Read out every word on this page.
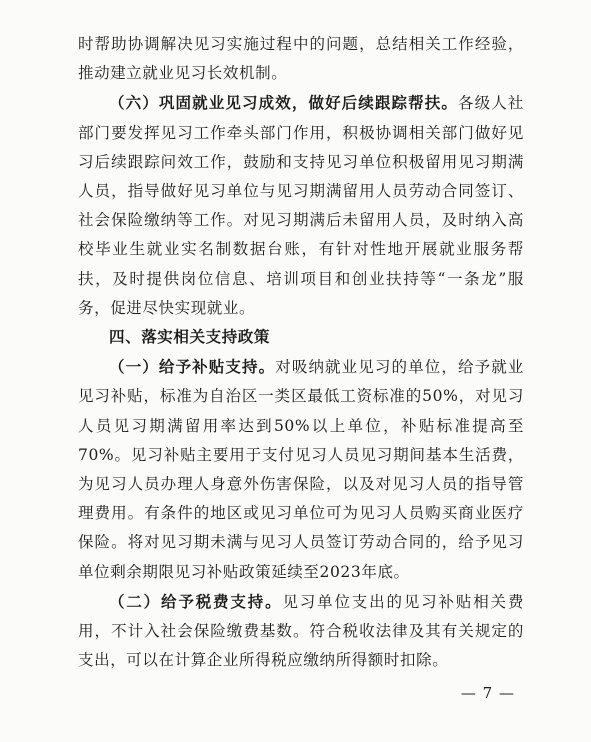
时帮助协调解决见习实施过程中的问题，总结相关工作经验，推动建立就业见习长效机制。

（六）巩固就业见习成效，做好后续跟踪帮扶。各级人社部门要发挥见习工作牵头部门作用，积极协调相关部门做好见习后续跟踪问效工作，鼓励和支持见习单位积极留用见习期满人员，指导做好见习单位与见习期满留用人员劳动合同签订、社会保险缴纳等工作。对见习期满后未留用人员，及时纳入高校毕业生就业实名制数据台账，有针对性地开展就业服务帮扶，及时提供岗位信息、培训项目和创业扶持等“一条龙”服务，促进尽快实现就业。

四、落实相关支持政策

（一）给予补贴支持。对吸纳就业见习的单位，给予就业见习补贴，标准为自治区一类区最低工资标准的50%，对见习人员见习期满留用率达到50%以上单位，补贴标准提高至70%。见习补贴主要用于支付见习人员见习期间基本生活费，为见习人员办理人身意外伤害保险，以及对见习人员的指导管理费用。有条件的地区或见习单位可为见习人员购买商业医疗保险。将对见习期未满与见习人员签订劳动合同的，给予见习单位剩余期限见习补贴政策延续至2023年底。

（二）给予税费支持。见习单位支出的见习补贴相关费用，不计入社会保险缴费基数。符合税收法律及其有关规定的支出，可以在计算企业所得税应缴纳所得额时扣除。

— 7 —
